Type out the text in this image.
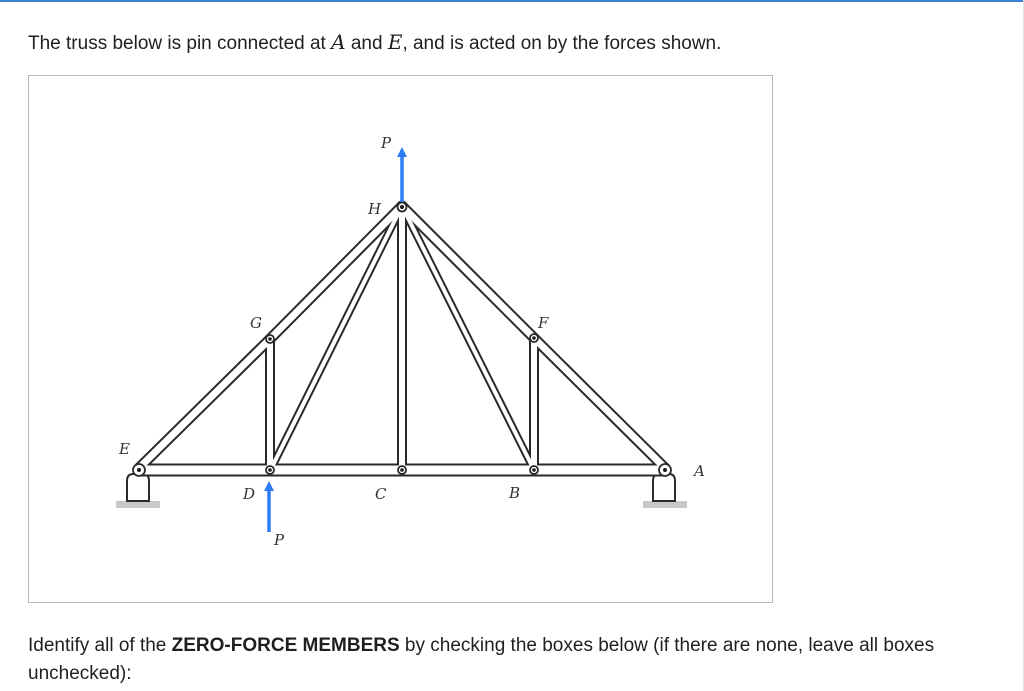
The truss below is pin connected at A and E, and is acted on by the forces shown.
E
D	C	B
A
G
H
F
P
P
Identify all of the ZERO-FORCE MEMBERS by checking the boxes below (if there are none, leave all boxes unchecked):
